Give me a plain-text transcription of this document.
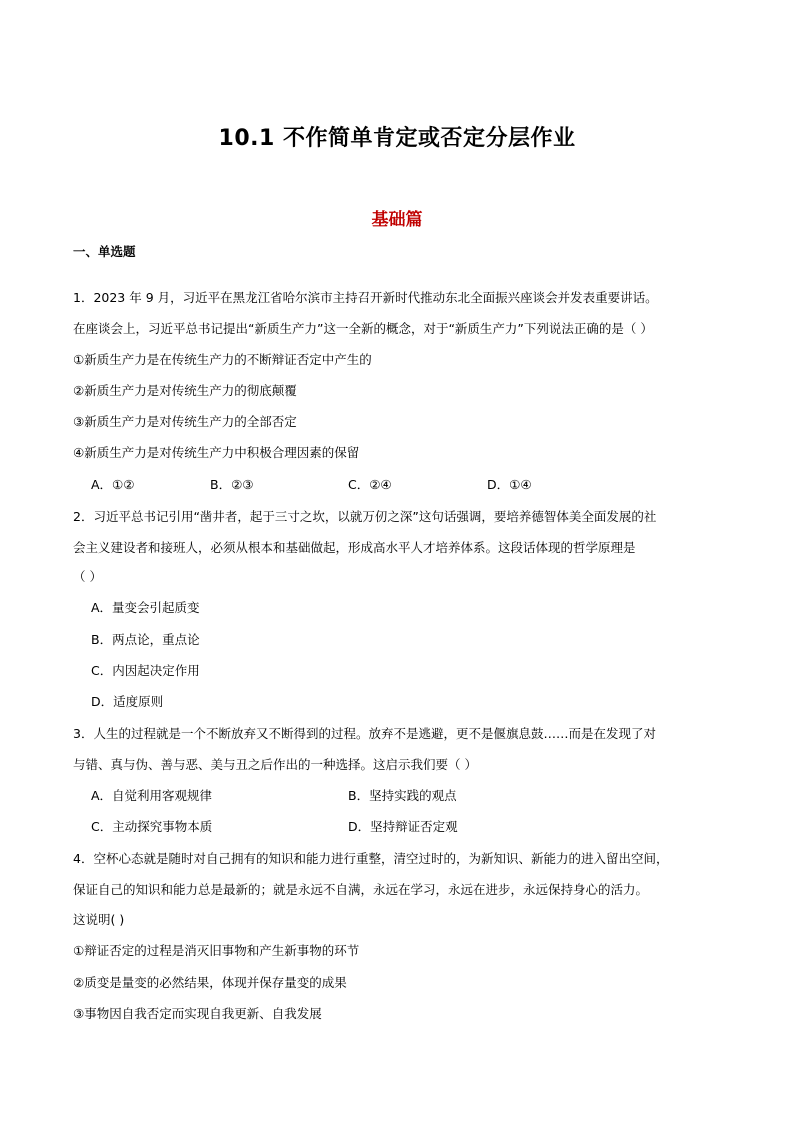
10.1 不作简单肯定或否定分层作业
基础篇
一、单选题
1．2023 年 9 月，习近平在黑龙江省哈尔滨市主持召开新时代推动东北全面振兴座谈会并发表重要讲话。
在座谈会上，习近平总书记提出“新质生产力”这一全新的概念，对于“新质生产力”下列说法正确的是（ ）
①新质生产力是在传统生产力的不断辩证否定中产生的
②新质生产力是对传统生产力的彻底颠覆
③新质生产力是对传统生产力的全部否定
④新质生产力是对传统生产力中积极合理因素的保留
A．①②	B．②③	C．②④	D．①④
2．习近平总书记引用“凿井者，起于三寸之坎，以就万仞之深”这句话强调，要培养德智体美全面发展的社
会主义建设者和接班人，必须从根本和基础做起，形成高水平人才培养体系。这段话体现的哲学原理是
（ ）
A．量变会引起质变
B．两点论，重点论
C．内因起决定作用
D．适度原则
3．人生的过程就是一个不断放弃又不断得到的过程。放弃不是逃避，更不是偃旗息鼓……而是在发现了对
与错、真与伪、善与恶、美与丑之后作出的一种选择。这启示我们要（ ）
A．自觉利用客观规律	B．坚持实践的观点
C．主动探究事物本质	D．坚持辩证否定观
4．空杯心态就是随时对自己拥有的知识和能力进行重整，清空过时的，为新知识、新能力的进入留出空间，
保证自己的知识和能力总是最新的；就是永远不自满，永远在学习，永远在进步，永远保持身心的活力。
这说明( )
①辩证否定的过程是消灭旧事物和产生新事物的环节
②质变是量变的必然结果，体现并保存量变的成果
③事物因自我否定而实现自我更新、自我发展
